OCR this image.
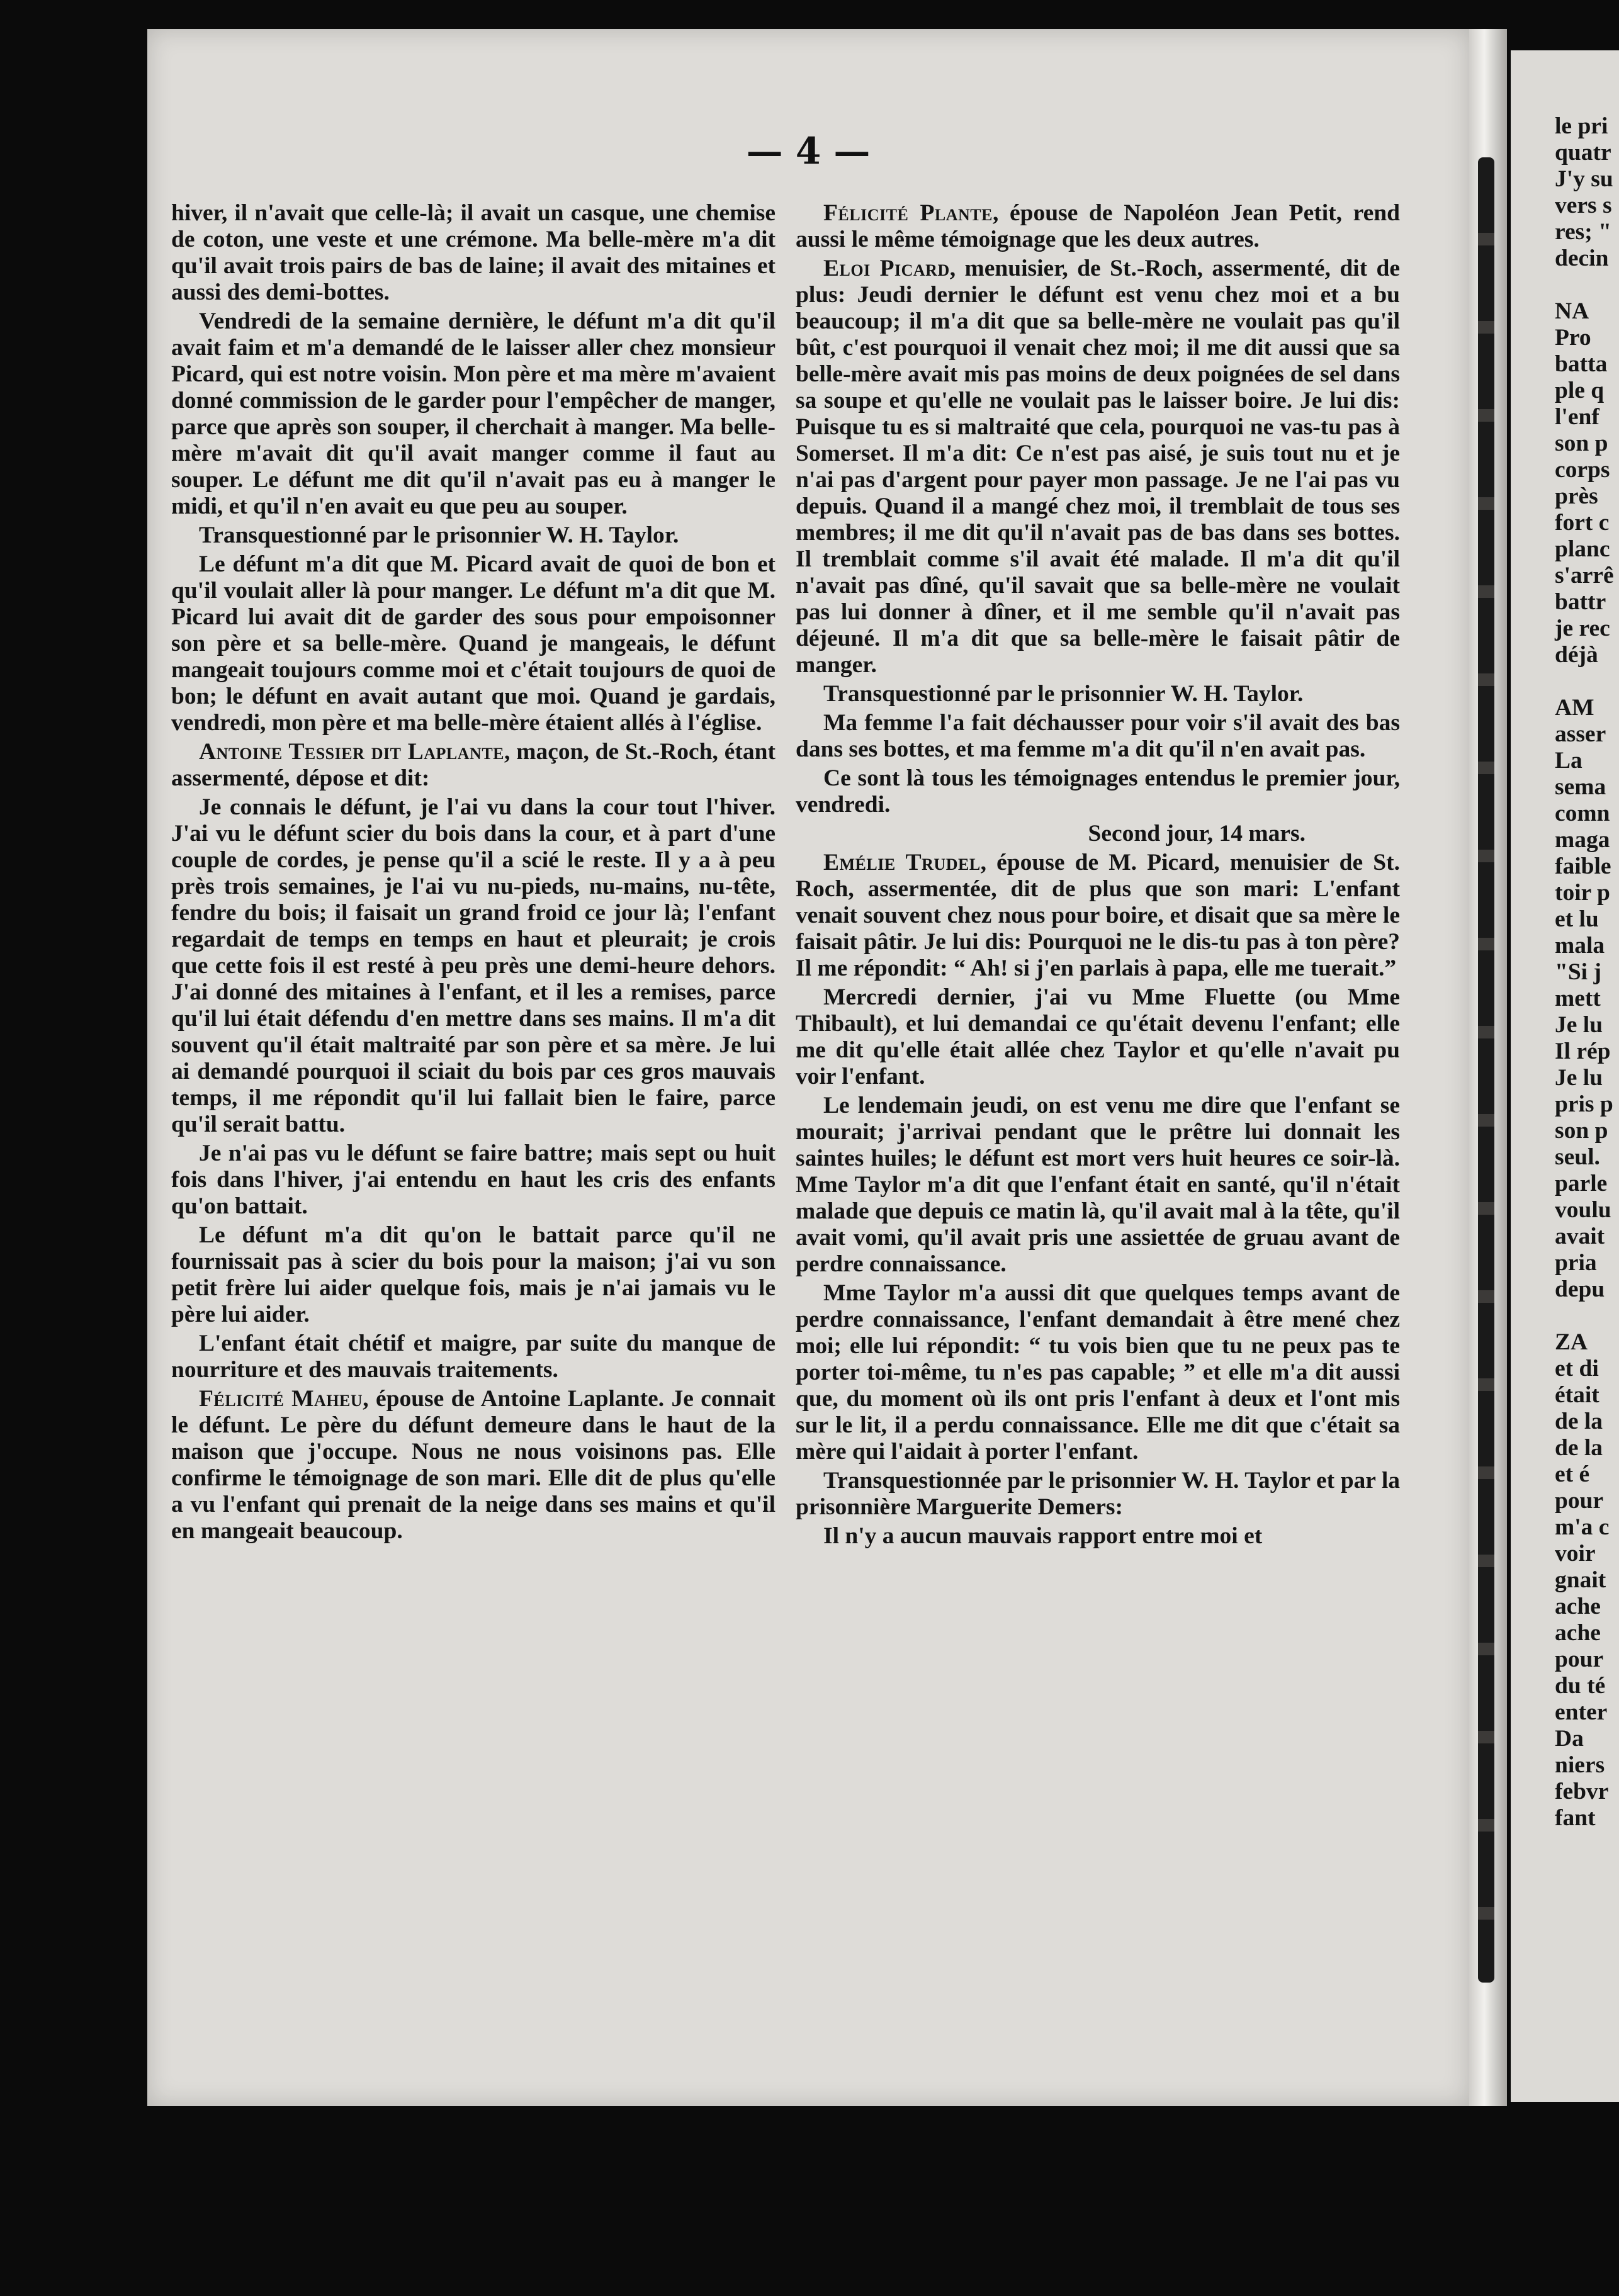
— 4 —

hiver, il n'avait que celle-là; il avait un casque, une chemise de coton, une veste et une crémone. Ma belle-mère m'a dit qu'il avait trois pairs de bas de laine; il avait des mitaines et aussi des demi-bottes.

Vendredi de la semaine dernière, le défunt m'a dit qu'il avait faim et m'a demandé de le laisser aller chez monsieur Picard, qui est notre voisin. Mon père et ma mère m'avaient donné commission de le garder pour l'empêcher de manger, parce que après son souper, il cherchait à manger. Ma belle-mère m'avait dit qu'il avait manger comme il faut au souper. Le défunt me dit qu'il n'avait pas eu à manger le midi, et qu'il n'en avait eu que peu au souper.

Transquestionné par le prisonnier W. H. Taylor.

Le défunt m'a dit que M. Picard avait de quoi de bon et qu'il voulait aller là pour manger. Le défunt m'a dit que M. Picard lui avait dit de garder des sous pour empoisonner son père et sa belle-mère. Quand je mangeais, le défunt mangeait toujours comme moi et c'était toujours de quoi de bon; le défunt en avait autant que moi. Quand je gardais, vendredi, mon père et ma belle-mère étaient allés à l'église.

Antoine Tessier dit Laplante, maçon, de St.-Roch, étant assermenté, dépose et dit:

Je connais le défunt, je l'ai vu dans la cour tout l'hiver. J'ai vu le défunt scier du bois dans la cour, et à part d'une couple de cordes, je pense qu'il a scié le reste. Il y a à peu près trois semaines, je l'ai vu nu-pieds, nu-mains, nu-tête, fendre du bois; il faisait un grand froid ce jour là; l'enfant regardait de temps en temps en haut et pleurait; je crois que cette fois il est resté à peu près une demi-heure dehors. J'ai donné des mitaines à l'enfant, et il les a remises, parce qu'il lui était défendu d'en mettre dans ses mains. Il m'a dit souvent qu'il était maltraité par son père et sa mère. Je lui ai demandé pourquoi il sciait du bois par ces gros mauvais temps, il me répondit qu'il lui fallait bien le faire, parce qu'il serait battu.

Je n'ai pas vu le défunt se faire battre; mais sept ou huit fois dans l'hiver, j'ai entendu en haut les cris des enfants qu'on battait.

Le défunt m'a dit qu'on le battait parce qu'il ne fournissait pas à scier du bois pour la maison; j'ai vu son petit frère lui aider quelque fois, mais je n'ai jamais vu le père lui aider.

L'enfant était chétif et maigre, par suite du manque de nourriture et des mauvais traitements.

Félicité Maheu, épouse de Antoine Laplante. Je connait le défunt. Le père du défunt demeure dans le haut de la maison que j'occupe. Nous ne nous voisinons pas. Elle confirme le témoignage de son mari. Elle dit de plus qu'elle a vu l'enfant qui prenait de la neige dans ses mains et qu'il en mangeait beaucoup.

Félicité Plante, épouse de Napoléon Jean Petit, rend aussi le même témoignage que les deux autres.

Eloi Picard, menuisier, de St.-Roch, assermenté, dit de plus: Jeudi dernier le défunt est venu chez moi et a bu beaucoup; il m'a dit que sa belle-mère ne voulait pas qu'il bût, c'est pourquoi il venait chez moi; il me dit aussi que sa belle-mère avait mis pas moins de deux poignées de sel dans sa soupe et qu'elle ne voulait pas le laisser boire. Je lui dis: Puisque tu es si maltraité que cela, pourquoi ne vas-tu pas à Somerset. Il m'a dit: Ce n'est pas aisé, je suis tout nu et je n'ai pas d'argent pour payer mon passage. Je ne l'ai pas vu depuis. Quand il a mangé chez moi, il tremblait de tous ses membres; il me dit qu'il n'avait pas de bas dans ses bottes. Il tremblait comme s'il avait été malade. Il m'a dit qu'il n'avait pas dîné, qu'il savait que sa belle-mère ne voulait pas lui donner à dîner, et il me semble qu'il n'avait pas déjeuné. Il m'a dit que sa belle-mère le faisait pâtir de manger.

Transquestionné par le prisonnier W. H. Taylor.

Ma femme l'a fait déchausser pour voir s'il avait des bas dans ses bottes, et ma femme m'a dit qu'il n'en avait pas.

Ce sont là tous les témoignages entendus le premier jour, vendredi.

Second jour, 14 mars.

Emélie Trudel, épouse de M. Picard, menuisier de St. Roch, assermentée, dit de plus que son mari: L'enfant venait souvent chez nous pour boire, et disait que sa mère le faisait pâtir. Je lui dis: Pourquoi ne le dis-tu pas à ton père? Il me répondit: “ Ah! si j'en parlais à papa, elle me tuerait.”

Mercredi dernier, j'ai vu Mme Fluette (ou Mme Thibault), et lui demandai ce qu'était devenu l'enfant; elle me dit qu'elle était allée chez Taylor et qu'elle n'avait pu voir l'enfant.

Le lendemain jeudi, on est venu me dire que l'enfant se mourait; j'arrivai pendant que le prêtre lui donnait les saintes huiles; le défunt est mort vers huit heures ce soir-là. Mme Taylor m'a dit que l'enfant était en santé, qu'il n'était malade que depuis ce matin là, qu'il avait mal à la tête, qu'il avait vomi, qu'il avait pris une assiettée de gruau avant de perdre connaissance.

Mme Taylor m'a aussi dit que quelques temps avant de perdre connaissance, l'enfant demandait à être mené chez moi; elle lui répondit: “ tu vois bien que tu ne peux pas te porter toi-même, tu n'es pas capable; ” et elle m'a dit aussi que, du moment où ils ont pris l'enfant à deux et l'ont mis sur le lit, il a perdu connaissance. Elle me dit que c'était sa mère qui l'aidait à porter l'enfant.

Transquestionnée par le prisonnier W. H. Taylor et par la prisonnière Marguerite Demers:

Il n'y a aucun mauvais rapport entre moi et

le pri
quatr
J'y su
vers s
res; "
decin

NA
Pro
batta
ple q
l'enf
son p
corps
près
fort c
planc
s'arrê
battr
je rec
déjà

AM
asser
La
sema
comn
maga
faible
toir p
et lu
mala
"Si j
mett
Je lu
Il rép
Je lu
pris p
son p
seul.
parle
voulu
avait
pria
depu

ZA
et di
était
de la
de la
et é
pour
m'a c
voir
gnait
ache
ache
pour
du té
enter
Da
niers
febvr
fant
